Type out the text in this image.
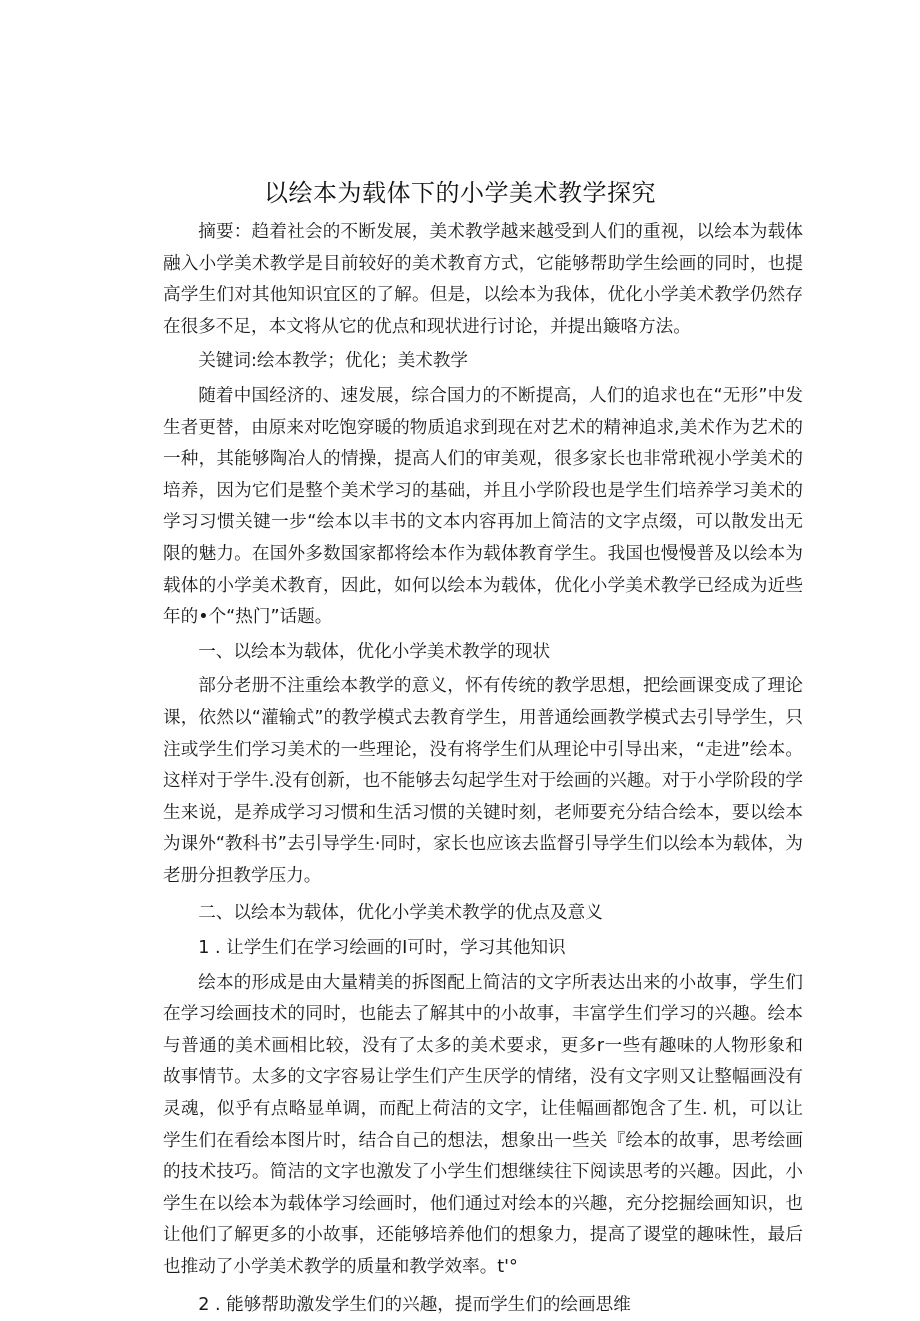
以绘本为载体下的小学美术教学探究

摘要：趋着社会的不断发展，美术教学越来越受到人们的重视，以绘本为载体融入小学美术教学是目前较好的美术教育方式，它能够帮助学生绘画的同时，也提高学生们对其他知识宜区的了解。但是，以绘本为我体，优化小学美术教学仍然存在很多不足，本文将从它的优点和现状进行讨论，并提出簸咯方法。

关键词:绘本教学；优化；美术教学

随着中国经济的、速发展，综合国力的不断提高，人们的追求也在“无形”中发生者更替，由原来对吃饱穿暖的物质追求到现在对艺术的精神追求,美术作为艺术的一种，其能够陶冶人的情操，提高人们的审美观，很多家长也非常玳视小学美术的培养，因为它们是整个美术学习的基础，并且小学阶段也是学生们培养学习美术的学习习惯关键一步“绘本以丰书的文本内容再加上简洁的文字点缀，可以散发出无限的魅力。在国外多数国家都将绘本作为载体教育学生。我国也慢慢普及以绘本为载体的小学美术教育，因此，如何以绘本为载体，优化小学美术教学已经成为近些年的•个“热门”话题。

一、以绘本为载体，优化小学美术教学的现状

部分老册不注重绘本教学的意义，怀有传统的教学思想，把绘画课变成了理论课，依然以“灌输式”的教学模式去教育学生，用普通绘画教学模式去引导学生，只注或学生们学习美术的一些理论，没有将学生们从理论中引导出来，“走进”绘本。这样对于学牛.没有创新，也不能够去勾起学生对于绘画的兴趣。对于小学阶段的学生来说，是养成学习习惯和生活习惯的关键时刻，老师要充分结合绘本，要以绘本为课外“教科书”去引导学生·同时，家长也应该去监督引导学生们以绘本为载体，为老册分担教学压力。

二、以绘本为载体，优化小学美术教学的优点及意义

1 . 让学生们在学习绘画的I可时，学习其他知识

绘本的形成是由大量精美的拆图配上简洁的文字所表达出来的小故事，学生们在学习绘画技术的同时，也能去了解其中的小故事，丰富学生们学习的兴趣。绘本与普通的美术画相比较，没有了太多的美术要求，更多r一些有趣味的人物形象和故事情节。太多的文字容易让学生们产生厌学的情绪，没有文字则又让整幅画没有灵魂，似乎有点略显单调，而配上荷洁的文字，让佳幅画都饱含了生. 机，可以让学生们在看绘本图片时，结合自己的想法，想象出一些关『绘本的故事，思考绘画的技术技巧。简洁的文字也激发了小学生们想继续往下阅读思考的兴趣。因此，小学生在以绘本为载体学习绘画时，他们通过对绘本的兴趣，充分挖掘绘画知识，也让他们了解更多的小故事，还能够培养他们的想象力，提高了谡堂的趣味性，最后也推动了小学美术教学的质量和教学效率。t'°

2 . 能够帮助激发学生们的兴趣，提而学生们的绘画思维
